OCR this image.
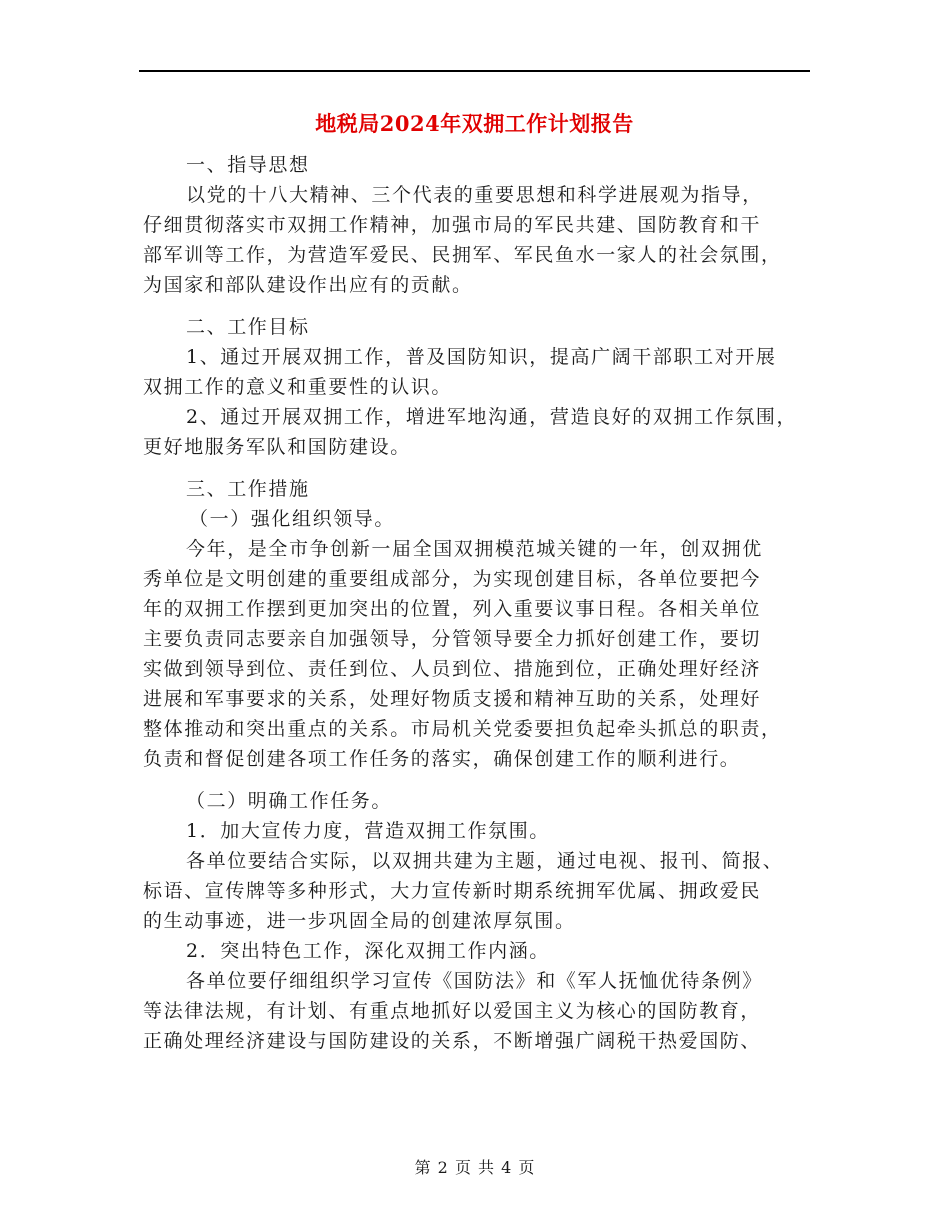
地税局2024年双拥工作计划报告
一、指导思想
以党的十八大精神、三个代表的重要思想和科学进展观为指导，
仔细贯彻落实市双拥工作精神，加强市局的军民共建、国防教育和干
部军训等工作，为营造军爱民、民拥军、军民鱼水一家人的社会氛围，
为国家和部队建设作出应有的贡献。
二、工作目标
1、通过开展双拥工作，普及国防知识，提高广阔干部职工对开展
双拥工作的意义和重要性的认识。
2、通过开展双拥工作，增进军地沟通，营造良好的双拥工作氛围，
更好地服务军队和国防建设。
三、工作措施
（一）强化组织领导。
今年，是全市争创新一届全国双拥模范城关键的一年，创双拥优
秀单位是文明创建的重要组成部分，为实现创建目标，各单位要把今
年的双拥工作摆到更加突出的位置，列入重要议事日程。各相关单位
主要负责同志要亲自加强领导，分管领导要全力抓好创建工作，要切
实做到领导到位、责任到位、人员到位、措施到位，正确处理好经济
进展和军事要求的关系，处理好物质支援和精神互助的关系，处理好
整体推动和突出重点的关系。市局机关党委要担负起牵头抓总的职责，
负责和督促创建各项工作任务的落实，确保创建工作的顺利进行。
（二）明确工作任务。
1．加大宣传力度，营造双拥工作氛围。
各单位要结合实际，以双拥共建为主题，通过电视、报刊、简报、
标语、宣传牌等多种形式，大力宣传新时期系统拥军优属、拥政爱民
的生动事迹，进一步巩固全局的创建浓厚氛围。
2．突出特色工作，深化双拥工作内涵。
各单位要仔细组织学习宣传《国防法》和《军人抚恤优待条例》
等法律法规，有计划、有重点地抓好以爱国主义为核心的国防教育，
正确处理经济建设与国防建设的关系，不断增强广阔税干热爱国防、
第 2 页 共 4 页
